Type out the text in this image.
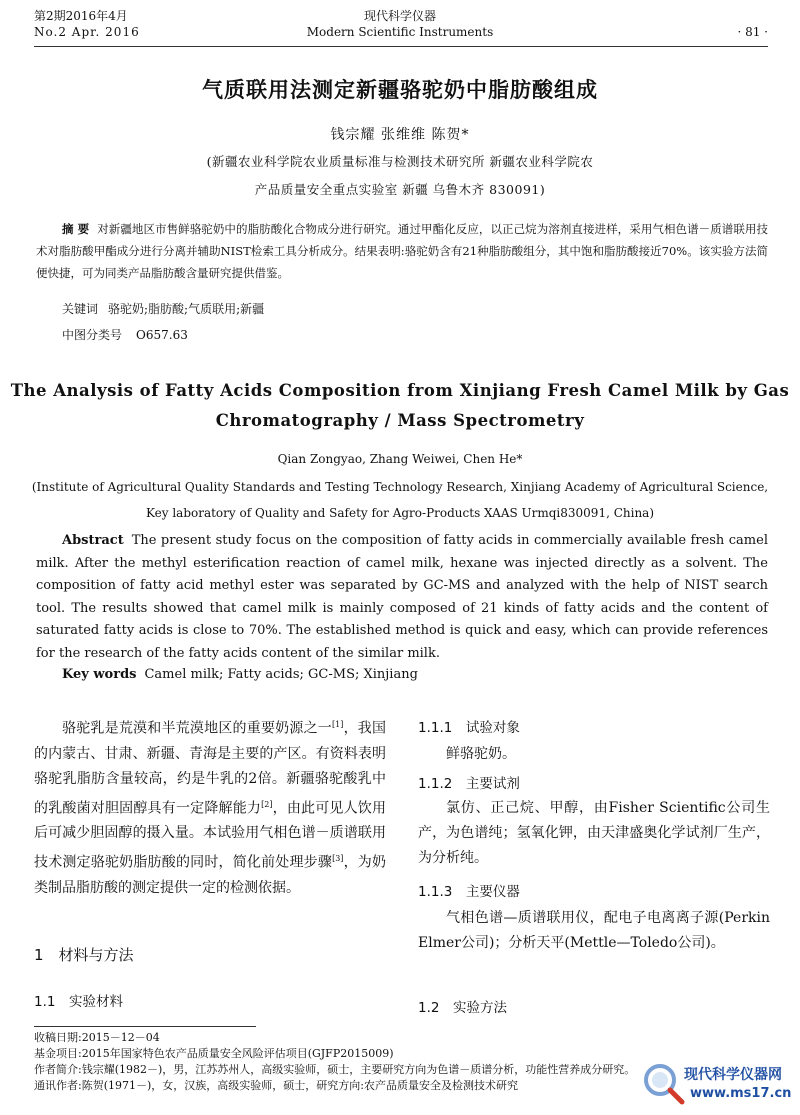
第2期2016年4月
No.2 Apr. 2016
现代科学仪器
Modern Scientific Instruments	· 81 ·
气质联用法测定新疆骆驼奶中脂肪酸组成
钱宗耀 张维维 陈贺*
(新疆农业科学院农业质量标准与检测技术研究所 新疆农业科学院农
产品质量安全重点实验室 新疆 乌鲁木齐 830091)
摘 要 对新疆地区市售鲜骆驼奶中的脂肪酸化合物成分进行研究。通过甲酯化反应，以正己烷为溶剂直接进样，采用气相色谱－质谱联用技术对脂肪酸甲酯成分进行分离并辅助NIST检索工具分析成分。结果表明:骆驼奶含有21种脂肪酸组分，其中饱和脂肪酸接近70%。该实验方法简便快捷，可为同类产品脂肪酸含量研究提供借鉴。
关键词 骆驼奶;脂肪酸;气质联用;新疆
中图分类号 O657.63
The Analysis of Fatty Acids Composition from Xinjiang Fresh Camel Milk by Gas
Chromatography / Mass Spectrometry
Qian Zongyao, Zhang Weiwei, Chen He*
(Institute of Agricultural Quality Standards and Testing Technology Research, Xinjiang Academy of Agricultural Science,
Key laboratory of Quality and Safety for Agro-Products XAAS Urmqi830091, China)
Abstract The present study focus on the composition of fatty acids in commercially available fresh camel milk. After the methyl esterification reaction of camel milk, hexane was injected directly as a solvent. The composition of fatty acid methyl ester was separated by GC-MS and analyzed with the help of NIST search tool. The results showed that camel milk is mainly composed of 21 kinds of fatty acids and the content of saturated fatty acids is close to 70%. The established method is quick and easy, which can provide references for the research of the fatty acids content of the similar milk.
Key words Camel milk; Fatty acids; GC-MS; Xinjiang

骆驼乳是荒漠和半荒漠地区的重要奶源之一[1]，我国的内蒙古、甘肃、新疆、青海是主要的产区。有资料表明骆驼乳脂肪含量较高，约是牛乳的2倍。新疆骆驼酸乳中的乳酸菌对胆固醇具有一定降解能力[2]，由此可见人饮用后可减少胆固醇的摄入量。本试验用气相色谱－质谱联用技术测定骆驼奶脂肪酸的同时，简化前处理步骤[3]，为奶类制品脂肪酸的测定提供一定的检测依据。

1　材料与方法
1.1　实验材料
1.1.1　试验对象
鲜骆驼奶。
1.1.2　主要试剂

氯仿、正己烷、甲醇，由Fisher Scientific公司生产，为色谱纯；氢氧化钾，由天津盛奥化学试剂厂生产，为分析纯。

1.1.3　主要仪器

气相色谱—质谱联用仪，配电子电离离子源(Perkin Elmer公司)；分析天平(Mettle—Toledo公司)。

1.2　实验方法
收稿日期:2015－12－04
基金项目:2015年国家特色农产品质量安全风险评估项目(GJFP2015009)
作者简介:钱宗耀(1982－)，男，江苏苏州人，高级实验师，硕士，主要研究方向为色谱－质谱分析，功能性营养成分研究。
通讯作者:陈贺(1971－)，女，汉族，高级实验师，硕士，研究方向:农产品质量安全及检测技术研究
现代科学仪器网
www.ms17.cn
